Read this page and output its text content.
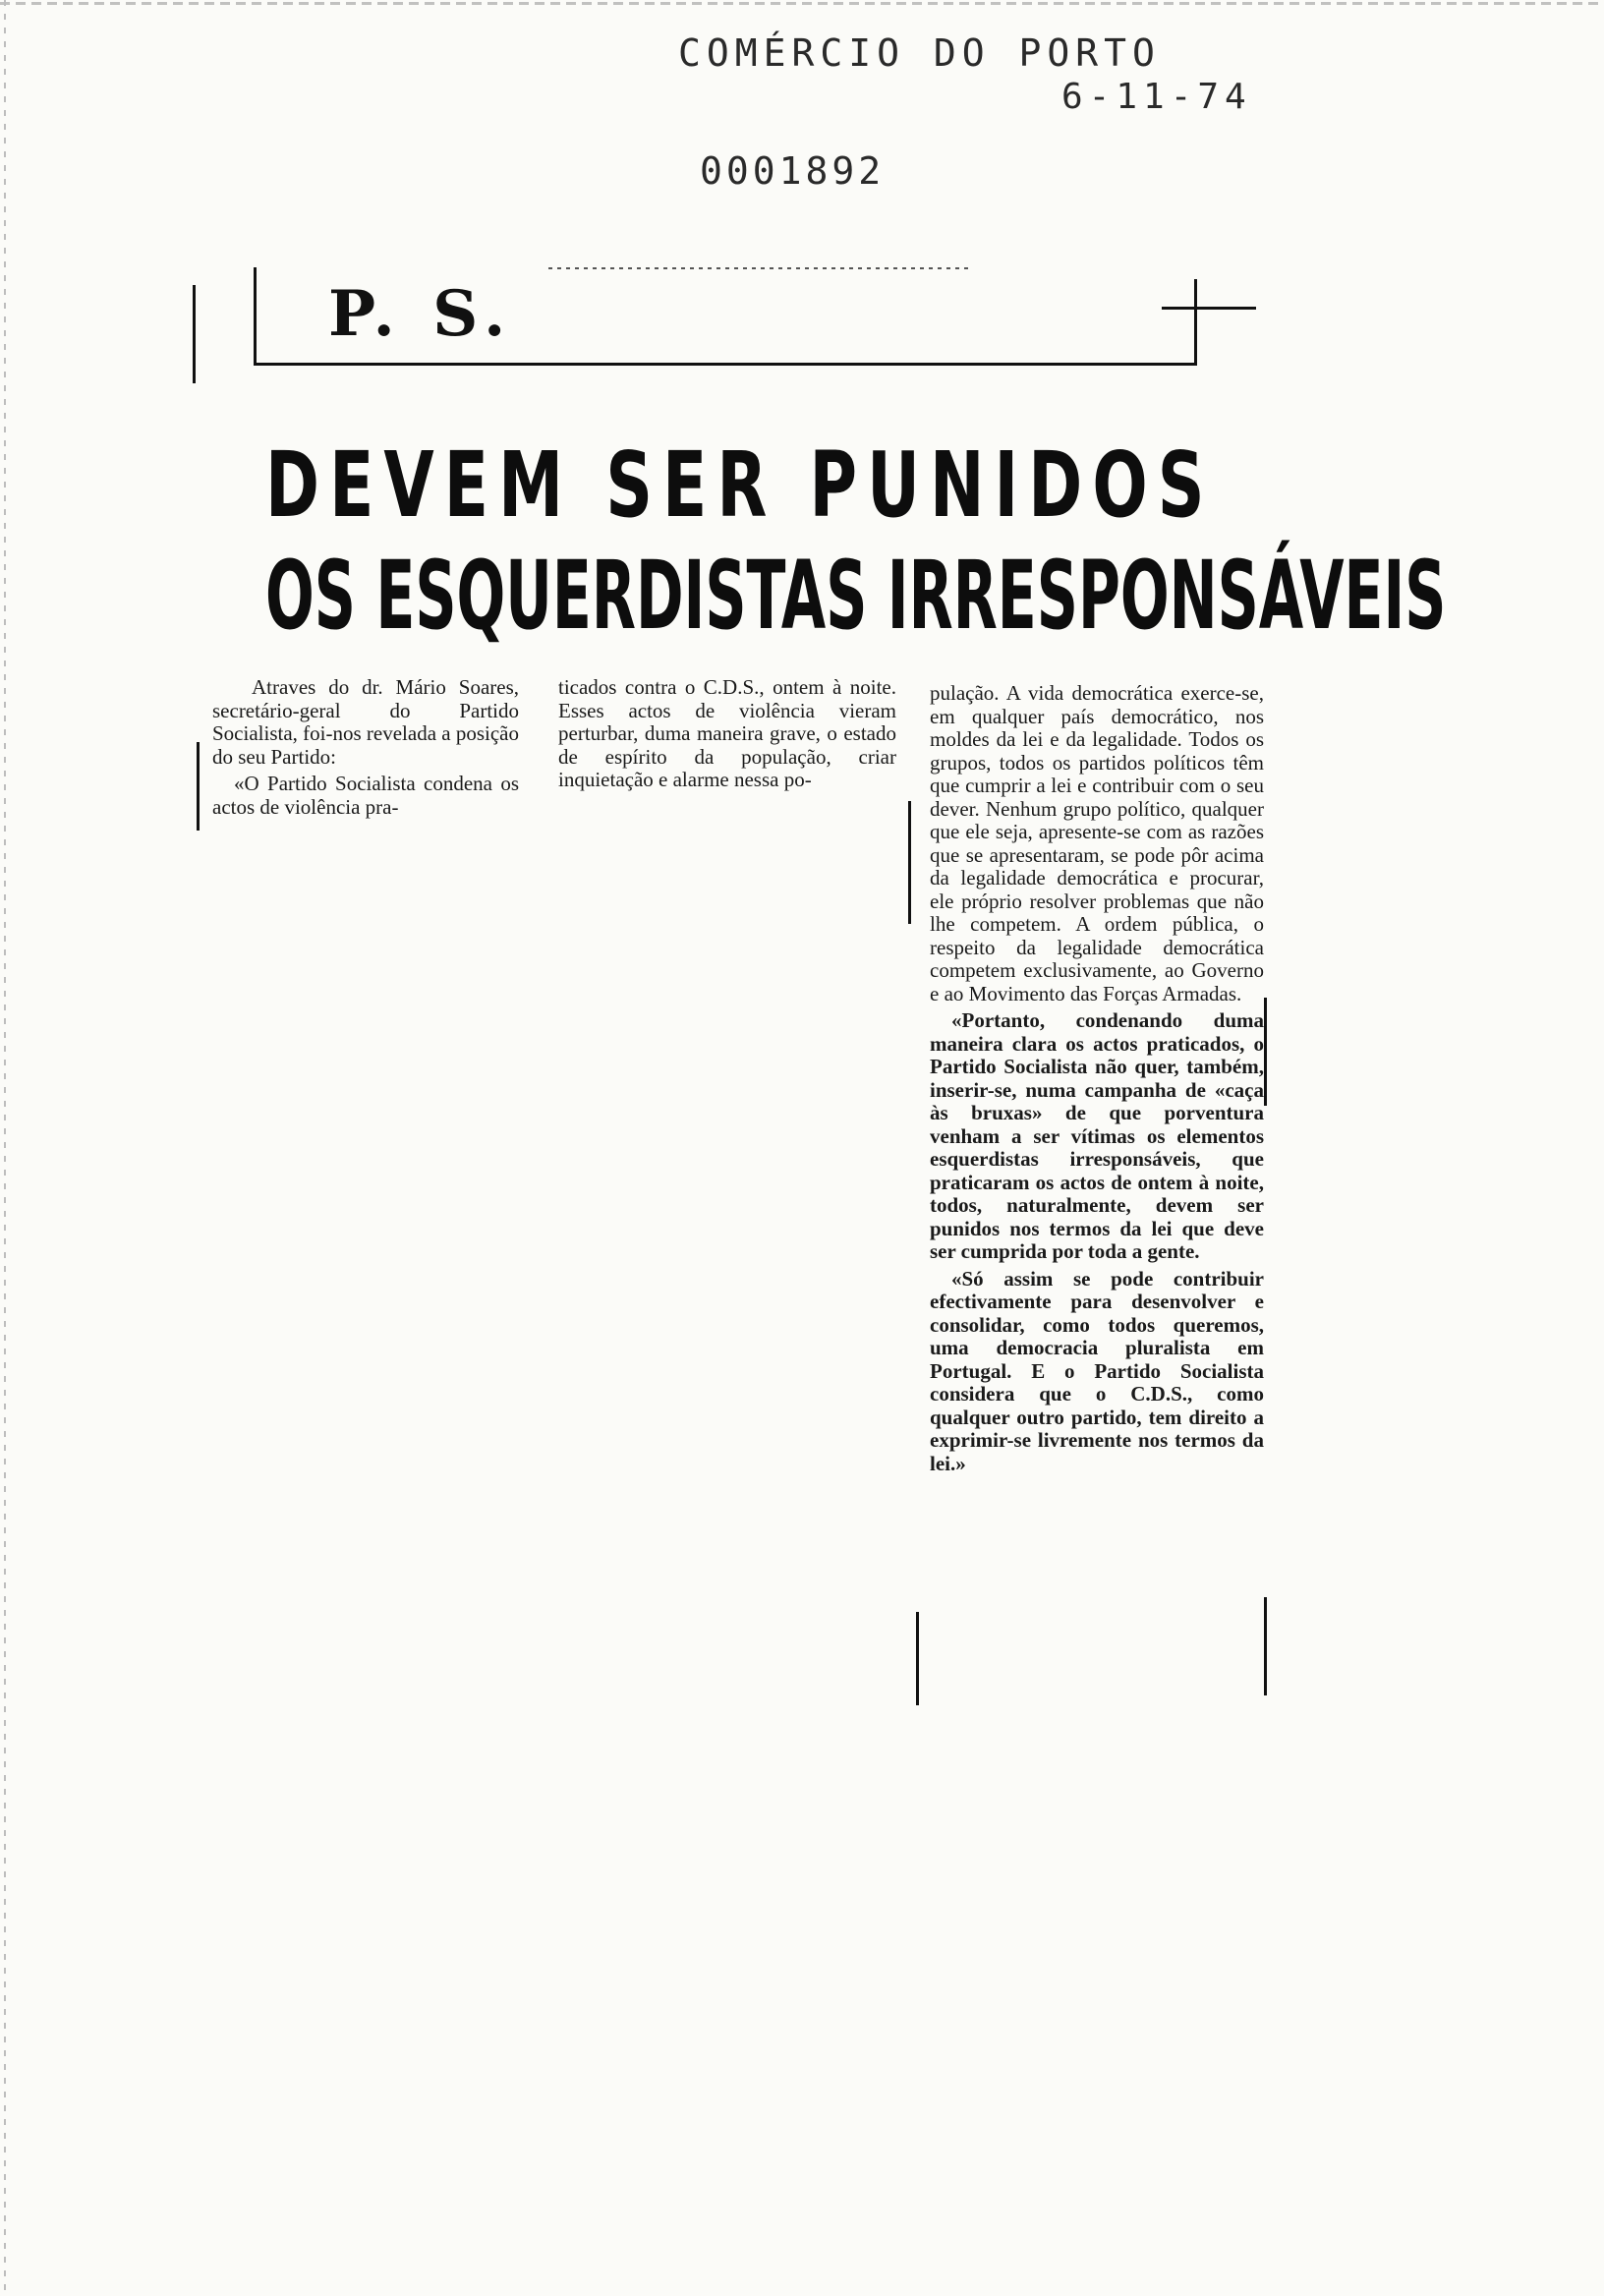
COMÉRCIO DO PORTO
6-11-74
0001892
P. S.
DEVEM SER PUNIDOS
OS ESQUERDISTAS IRRESPONSÁVEIS

Atraves do dr. Mário Soares, secretário-geral do Partido Socialista, foi-nos revelada a posição do seu Partido:

«O Partido Socialista condena os actos de violência pra-

ticados contra o C.D.S., ontem à noite. Esses actos de violência vieram perturbar, duma maneira grave, o estado de espírito da população, criar inquietação e alarme nessa po-

pulação. A vida democrática exerce-se, em qualquer país democrático, nos moldes da lei e da legalidade. Todos os grupos, todos os partidos políticos têm que cumprir a lei e contribuir com o seu dever. Nenhum grupo político, qualquer que ele seja, apresente-se com as razões que se apresentaram, se pode pôr acima da legalidade democrática e procurar, ele próprio resolver problemas que não lhe competem. A ordem pública, o respeito da legalidade democrática competem exclusivamente, ao Governo e ao Movimento das Forças Armadas.

«Portanto, condenando duma maneira clara os actos praticados, o Partido Socialista não quer, também, inserir-se, numa campanha de «caça às bruxas» de que porventura venham a ser vítimas os elementos esquerdistas irresponsáveis, que praticaram os actos de ontem à noite, todos, naturalmente, devem ser punidos nos termos da lei que deve ser cumprida por toda a gente.

«Só assim se pode contribuir efectivamente para desenvolver e consolidar, como todos queremos, uma democracia pluralista em Portugal. E o Partido Socialista considera que o C.D.S., como qualquer outro partido, tem direito a exprimir-se livremente nos termos da lei.»
